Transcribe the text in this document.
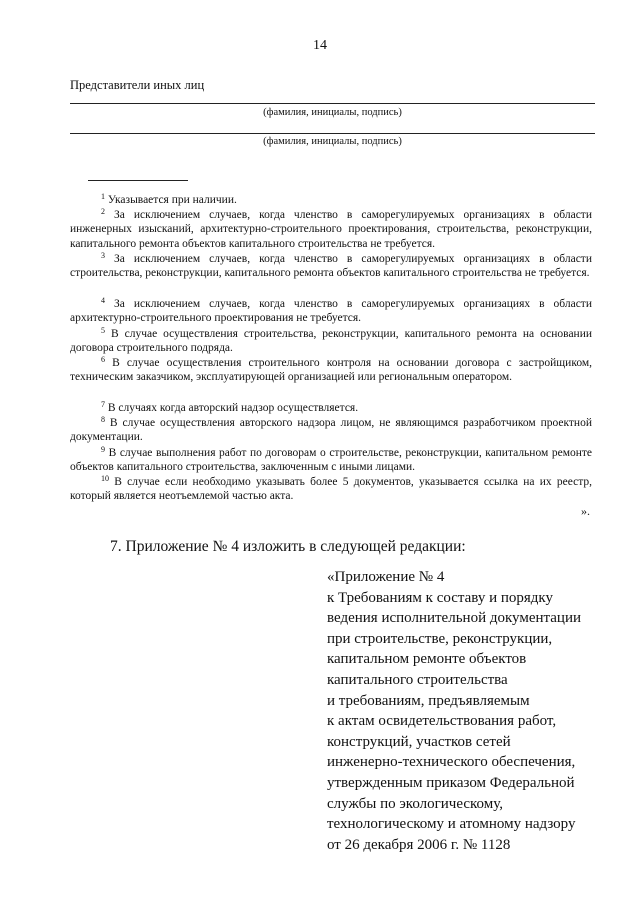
14
Представители иных лиц
(фамилия, инициалы, подпись)
(фамилия, инициалы, подпись)
$^1$ Указывается при наличии.
$^2$ За исключением случаев, когда членство в саморегулируемых организациях в области инженерных изысканий, архитектурно-строительного проектирования, строительства, реконструкции, капитального ремонта объектов капитального строительства не требуется.
$^3$ За исключением случаев, когда членство в саморегулируемых организациях в области строительства, реконструкции, капитального ремонта объектов капитального строительства не требуется.
$^4$ За исключением случаев, когда членство в саморегулируемых организациях в области архитектурно-строительного проектирования не требуется.
$^5$ В случае осуществления строительства, реконструкции, капитального ремонта на основании договора строительного подряда.
$^6$ В случае осуществления строительного контроля на основании договора с застройщиком, техническим заказчиком, эксплуатирующей организацией или региональным оператором.
$^7$ В случаях когда авторский надзор осуществляется.
$^8$ В случае осуществления авторского надзора лицом, не являющимся разработчиком проектной документации.
$^9$ В случае выполнения работ по договорам о строительстве, реконструкции, капитальном ремонте объектов капитального строительства, заключенным с иными лицами.
$^{10}$ В случае если необходимо указывать более 5 документов, указывается ссылка на их реестр, который является неотъемлемой частью акта.
».
7. Приложение № 4 изложить в следующей редакции:
«Приложение № 4
к Требованиям к составу и порядку
ведения исполнительной документации
при строительстве, реконструкции,
капитальном ремонте объектов
капитального строительства
и требованиям, предъявляемым
к актам освидетельствования работ,
конструкций, участков сетей
инженерно-технического обеспечения,
утвержденным приказом Федеральной
службы по экологическому,
технологическому и атомному надзору
от 26 декабря 2006 г. № 1128
